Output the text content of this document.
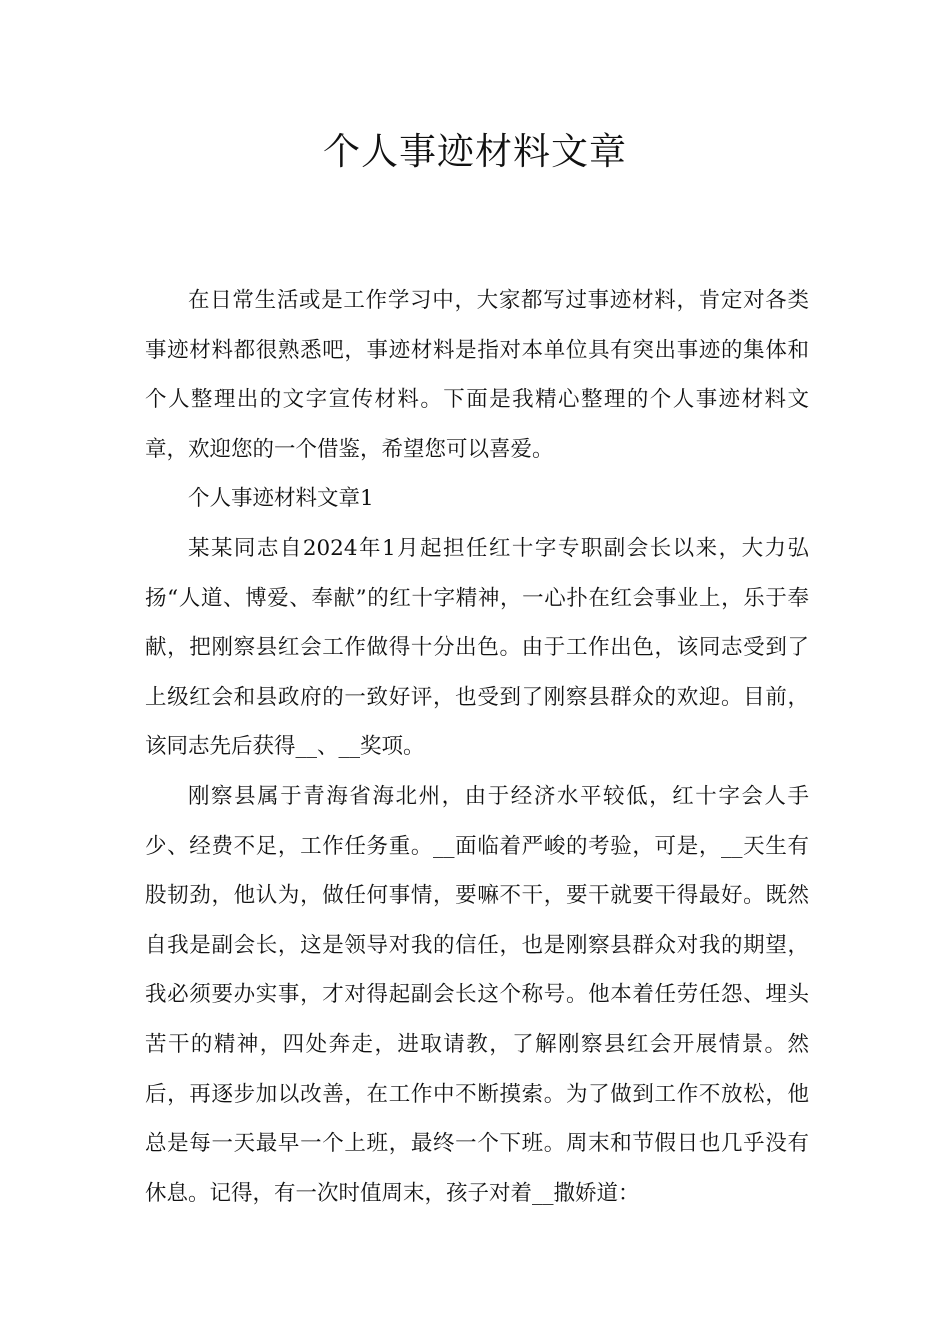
个人事迹材料文章

在日常生活或是工作学习中，大家都写过事迹材料，肯定对各类事迹材料都很熟悉吧，事迹材料是指对本单位具有突出事迹的集体和个人整理出的文字宣传材料。下面是我精心整理的个人事迹材料文章，欢迎您的一个借鉴，希望您可以喜爱。

个人事迹材料文章1

某某同志自2024年1月起担任红十字专职副会长以来，大力弘扬“人道、博爱、奉献”的红十字精神，一心扑在红会事业上，乐于奉献，把刚察县红会工作做得十分出色。由于工作出色，该同志受到了上级红会和县政府的一致好评，也受到了刚察县群众的欢迎。目前，该同志先后获得__、__奖项。

刚察县属于青海省海北州，由于经济水平较低，红十字会人手少、经费不足，工作任务重。__面临着严峻的考验，可是，__天生有股韧劲，他认为，做任何事情，要嘛不干，要干就要干得最好。既然自我是副会长，这是领导对我的信任，也是刚察县群众对我的期望，我必须要办实事，才对得起副会长这个称号。他本着任劳任怨、埋头苦干的精神，四处奔走，进取请教，了解刚察县红会开展情景。然后，再逐步加以改善，在工作中不断摸索。为了做到工作不放松，他总是每一天最早一个上班，最终一个下班。周末和节假日也几乎没有休息。记得，有一次时值周末，孩子对着__撒娇道：
